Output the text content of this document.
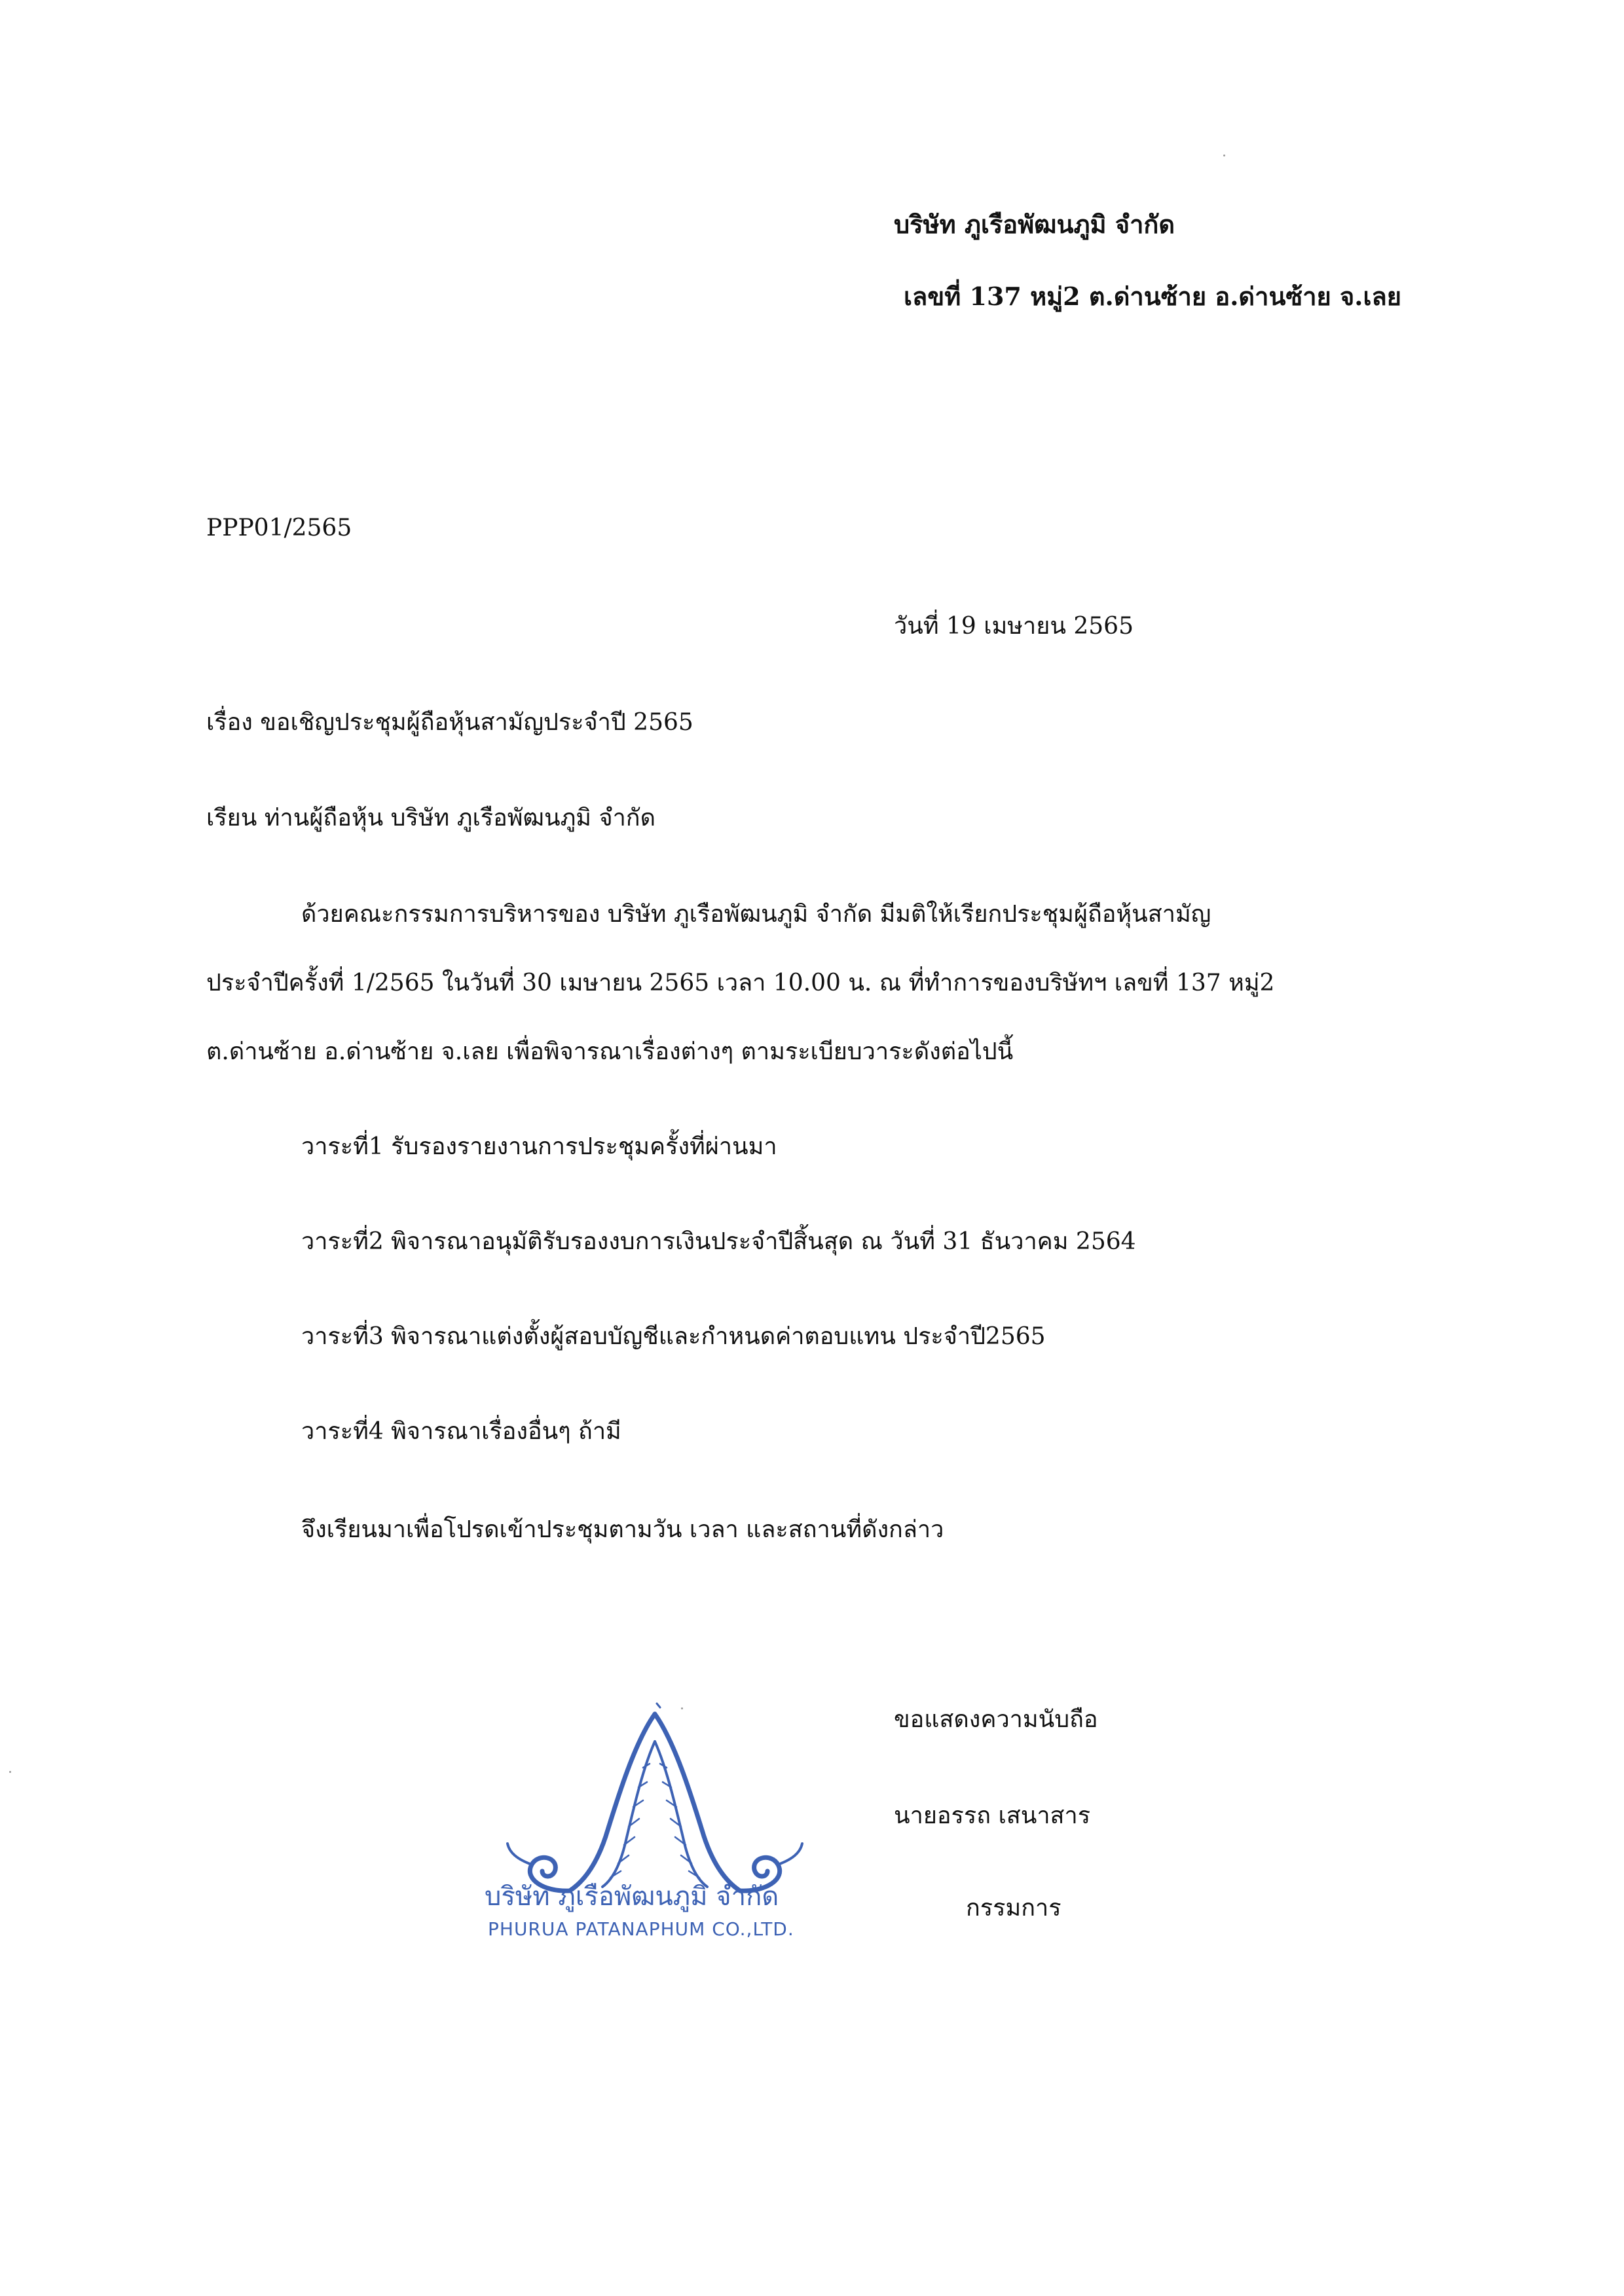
บริษัท ภูเรือพัฒนภูมิ จำกัด
เลขที่ 137 หมู่2 ต.ด่านซ้าย อ.ด่านซ้าย จ.เลย
PPP01/2565
วันที่ 19 เมษายน 2565
เรื่อง ขอเชิญประชุมผู้ถือหุ้นสามัญประจำปี 2565
เรียน ท่านผู้ถือหุ้น บริษัท ภูเรือพัฒนภูมิ จำกัด
ด้วยคณะกรรมการบริหารของ บริษัท ภูเรือพัฒนภูมิ จำกัด มีมติให้เรียกประชุมผู้ถือหุ้นสามัญ
ประจำปีครั้งที่ 1/2565 ในวันที่ 30 เมษายน 2565 เวลา 10.00 น. ณ ที่ทำการของบริษัทฯ เลขที่ 137 หมู่2
ต.ด่านซ้าย อ.ด่านซ้าย จ.เลย เพื่อพิจารณาเรื่องต่างๆ ตามระเบียบวาระดังต่อไปนี้
วาระที่1 รับรองรายงานการประชุมครั้งที่ผ่านมา
วาระที่2 พิจารณาอนุมัติรับรองงบการเงินประจำปีสิ้นสุด ณ วันที่ 31 ธันวาคม 2564
วาระที่3 พิจารณาแต่งตั้งผู้สอบบัญชีและกำหนดค่าตอบแทน ประจำปี2565
วาระที่4 พิจารณาเรื่องอื่นๆ ถ้ามี
จึงเรียนมาเพื่อโปรดเข้าประชุมตามวัน เวลา และสถานที่ดังกล่าว
ขอแสดงความนับถือ
นายอรรถ เสนาสาร
กรรมการ
บริษัท ภูเรือพัฒนภูมิ จำกัด
PHURUA PATANAPHUM CO.,LTD.
